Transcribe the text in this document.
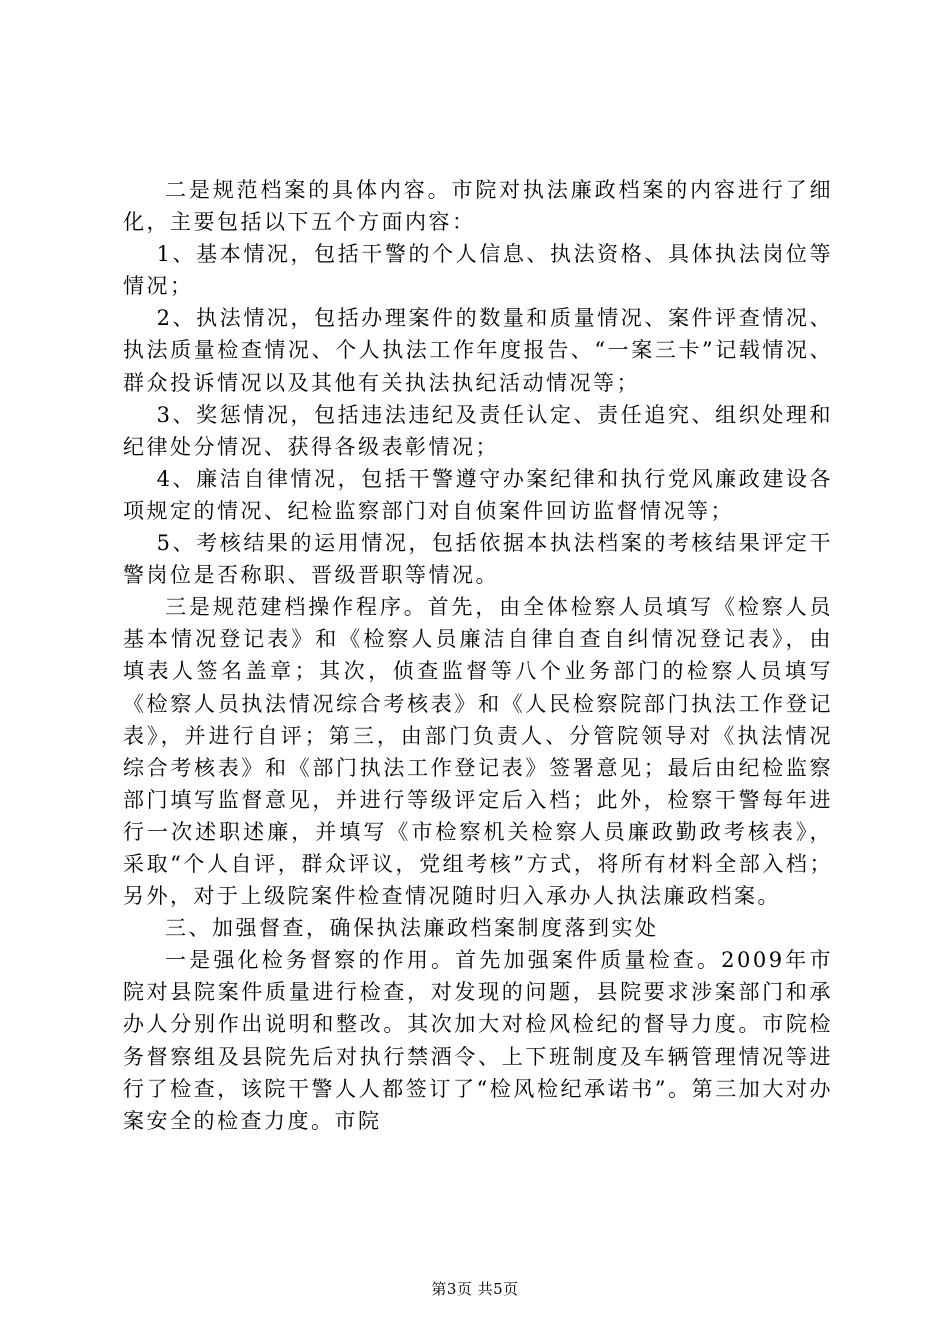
二是规范档案的具体内容。市院对执法廉政档案的内容进行了细化，主要包括以下五个方面内容：

1、基本情况，包括干警的个人信息、执法资格、具体执法岗位等情况；

2、执法情况，包括办理案件的数量和质量情况、案件评查情况、执法质量检查情况、个人执法工作年度报告、“一案三卡”记载情况、群众投诉情况以及其他有关执法执纪活动情况等；

3、奖惩情况，包括违法违纪及责任认定、责任追究、组织处理和纪律处分情况、获得各级表彰情况；

4、廉洁自律情况，包括干警遵守办案纪律和执行党风廉政建设各项规定的情况、纪检监察部门对自侦案件回访监督情况等；

5、考核结果的运用情况，包括依据本执法档案的考核结果评定干警岗位是否称职、晋级晋职等情况。

三是规范建档操作程序。首先，由全体检察人员填写《检察人员基本情况登记表》和《检察人员廉洁自律自查自纠情况登记表》，由填表人签名盖章；其次，侦查监督等八个业务部门的检察人员填写《检察人员执法情况综合考核表》和《人民检察院部门执法工作登记表》，并进行自评；第三，由部门负责人、分管院领导对《执法情况综合考核表》和《部门执法工作登记表》签署意见；最后由纪检监察部门填写监督意见，并进行等级评定后入档；此外，检察干警每年进行一次述职述廉，并填写《市检察机关检察人员廉政勤政考核表》，采取“个人自评，群众评议，党组考核”方式，将所有材料全部入档；另外，对于上级院案件检查情况随时归入承办人执法廉政档案。

三、加强督查，确保执法廉政档案制度落到实处

一是强化检务督察的作用。首先加强案件质量检查。2009年市院对县院案件质量进行检查，对发现的问题，县院要求涉案部门和承办人分别作出说明和整改。其次加大对检风检纪的督导力度。市院检务督察组及县院先后对执行禁酒令、上下班制度及车辆管理情况等进行了检查，该院干警人人都签订了“检风检纪承诺书”。第三加大对办案安全的检查力度。市院

第3页 共5页
